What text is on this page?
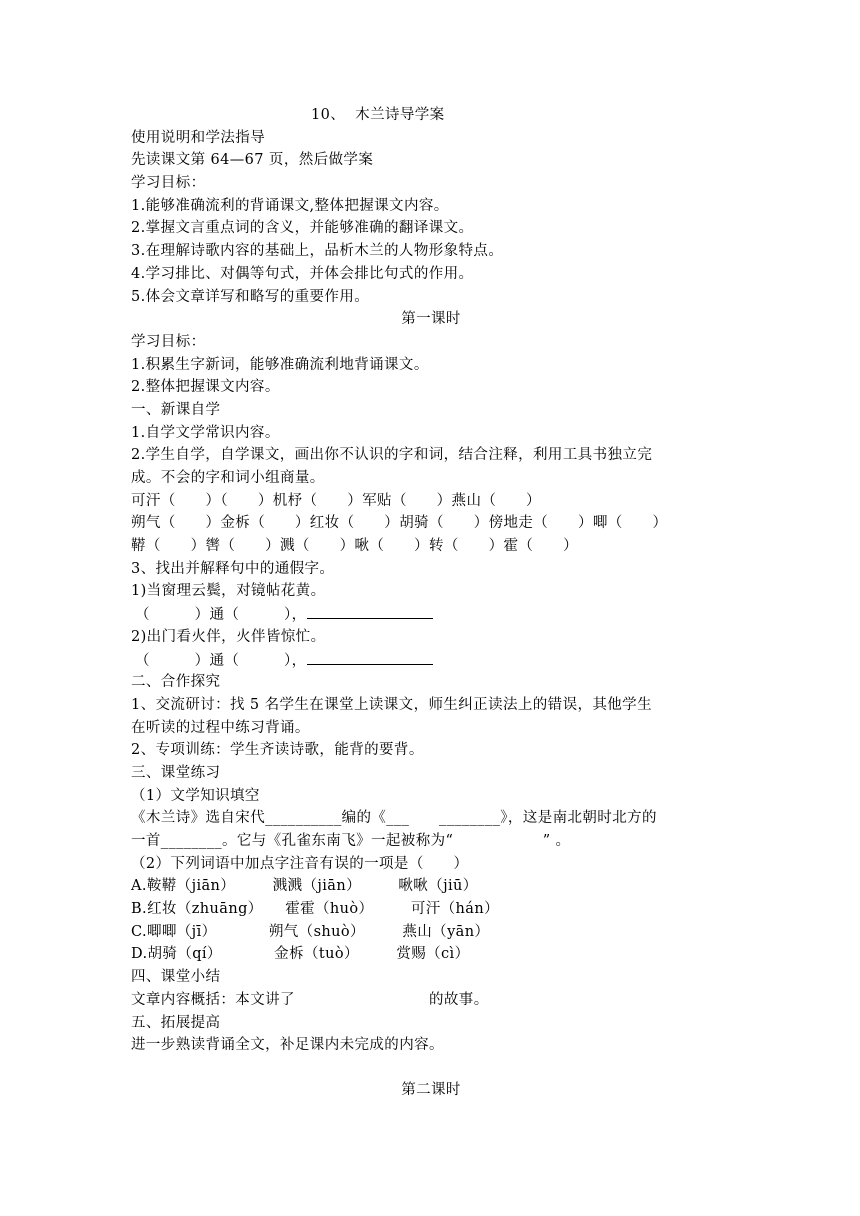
10、  木兰诗导学案
使用说明和学法指导
先读课文第 64—67 页，然后做学案
学习目标：
1.能够准确流利的背诵课文,整体把握课文内容。
2.掌握文言重点词的含义，并能够准确的翻译课文。
3.在理解诗歌内容的基础上，品析木兰的人物形象特点。
4.学习排比、对偶等句式，并体会排比句式的作用。
5.体会文章详写和略写的重要作用。
第一课时
学习目标：
1.积累生字新词，能够准确流利地背诵课文。
2.整体把握课文内容。
一、新课自学
1.自学文学常识内容。
2.学生自学，自学课文，画出你不认识的字和词，结合注释，利用工具书独立完
成。不会的字和词小组商量。
可汗（　　）（　　）机杼（　　）军贴（　　）燕山（　　）
朔气（　　）金柝（　　）红妆（　　）胡骑（　　）傍地走（　　）唧（　　）
鞯（　　）辔（　　）溅（　　）啾（　　）转（　　）霍（　　）
3、找出并解释句中的通假字。
1)当窗理云鬓，对镜帖花黄。
（　　　）通（　　　），
2)出门看火伴，火伴皆惊忙。
（　　　）通（　　　），
二、合作探究
1、交流研讨：找 5 名学生在课堂上读课文，师生纠正读法上的错误，其他学生
在听读的过程中练习背诵。
2、专项训练：学生齐读诗歌，能背的要背。
三、课堂练习
（1）文学知识填空
《木兰诗》选自宋代__________编的《___　　________》，这是南北朝时北方的
一首________。它与《孔雀东南飞》一起被称为“　　　　　　” 。
（2）下列词语中加点字注音有误的一项是（　　）
A.鞍鞯（jiān）　　　溅溅（jiān）　　　啾啾（jiū）
B.红妆（zhuāng）　　霍霍（huò）　　　可汗（hán）
C.唧唧（jī）　　　　朔气（shuò）　　　燕山（yān）
D.胡骑（qí）　　　　金柝（tuò）　　　赏赐（cì）
四、课堂小结
文章内容概括：本文讲了　　　　　　　　　的故事。
五、拓展提高
进一步熟读背诵全文，补足课内未完成的内容。
第二课时
